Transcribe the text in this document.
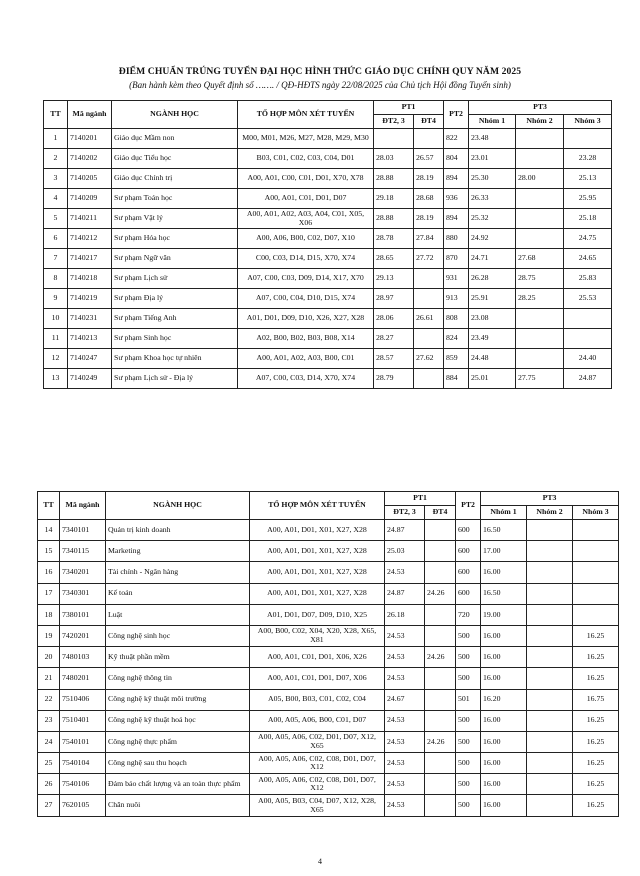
ĐIỂM CHUẨN TRÚNG TUYỂN ĐẠI HỌC HÌNH THỨC GIÁO DỤC CHÍNH QUY NĂM 2025
(Ban hành kèm theo Quyết định số ……. / QĐ-HĐTS ngày 22/08/2025 của Chủ tịch Hội đồng Tuyển sinh)
TT	Mã ngành	NGÀNH HỌC	TỔ HỢP MÔN XÉT TUYỂN	PT1		PT2	PT3		
				ĐT2, 3	ĐT4		Nhóm 1	Nhóm 2	Nhóm 3
1	7140201	Giáo dục Mầm non	M00, M01, M26, M27, M28, M29, M30			822	23.48		
2	7140202	Giáo dục Tiểu học	B03, C01, C02, C03, C04, D01	28.03	26.57	804	23.01		23.28
3	7140205	Giáo dục Chính trị	A00, A01, C00, C01, D01, X70, X78	28.88	28.19	894	25.30	28.00	25.13
4	7140209	Sư phạm Toán học	A00, A01, C01, D01, D07	29.18	28.68	936	26.33		25.95
5	7140211	Sư phạm Vật lý	A00, A01, A02, A03, A04, C01, X05, X06	28.88	28.19	894	25.32		25.18
6	7140212	Sư phạm Hóa học	A00, A06, B00, C02, D07, X10	28.78	27.84	880	24.92		24.75
7	7140217	Sư phạm Ngữ văn	C00, C03, D14, D15, X70, X74	28.65	27.72	870	24.71	27.68	24.65
8	7140218	Sư phạm Lịch sử	A07, C00, C03, D09, D14, X17, X70	29.13		931	26.28	28.75	25.83
9	7140219	Sư phạm Địa lý	A07, C00, C04, D10, D15, X74	28.97		913	25.91	28.25	25.53
10	7140231	Sư phạm Tiếng Anh	A01, D01, D09, D10, X26, X27, X28	28.06	26.61	808	23.08		
11	7140213	Sư phạm Sinh học	A02, B00, B02, B03, B08, X14	28.27		824	23.49		
12	7140247	Sư phạm Khoa học tự nhiên	A00, A01, A02, A03, B00, C01	28.57	27.62	859	24.48		24.40
13	7140249	Sư phạm Lịch sử - Địa lý	A07, C00, C03, D14, X70, X74	28.79		884	25.01	27.75	24.87
TT	Mã ngành	NGÀNH HỌC	TỔ HỢP MÔN XÉT TUYỂN	PT1		PT2	PT3		
				ĐT2, 3	ĐT4		Nhóm 1	Nhóm 2	Nhóm 3
14	7340101	Quản trị kinh doanh	A00, A01, D01, X01, X27, X28	24.87		600	16.50		
15	7340115	Marketing	A00, A01, D01, X01, X27, X28	25.03		600	17.00		
16	7340201	Tài chính - Ngân hàng	A00, A01, D01, X01, X27, X28	24.53		600	16.00		
17	7340301	Kế toán	A00, A01, D01, X01, X27, X28	24.87	24.26	600	16.50		
18	7380101	Luật	A01, D01, D07, D09, D10, X25	26.18		720	19.00		
19	7420201	Công nghệ sinh học	A00, B00, C02, X04, X20, X28, X65, X81	24.53		500	16.00		16.25
20	7480103	Kỹ thuật phần mềm	A00, A01, C01, D01, X06, X26	24.53	24.26	500	16.00		16.25
21	7480201	Công nghệ thông tin	A00, A01, C01, D01, D07, X06	24.53		500	16.00		16.25
22	7510406	Công nghệ kỹ thuật môi trường	A05, B00, B03, C01, C02, C04	24.67		501	16.20		16.75
23	7510401	Công nghệ kỹ thuật hoá học	A00, A05, A06, B00, C01, D07	24.53		500	16.00		16.25
24	7540101	Công nghệ thực phẩm	A00, A05, A06, C02, D01, D07, X12, X65	24.53	24.26	500	16.00		16.25
25	7540104	Công nghệ sau thu hoạch	A00, A05, A06, C02, C08, D01, D07, X12	24.53		500	16.00		16.25
26	7540106	Đảm bảo chất lượng và an toàn thực phẩm	A00, A05, A06, C02, C08, D01, D07, X12	24.53		500	16.00		16.25
27	7620105	Chăn nuôi	A00, A05, B03, C04, D07, X12, X28, X65	24.53		500	16.00		16.25
4
